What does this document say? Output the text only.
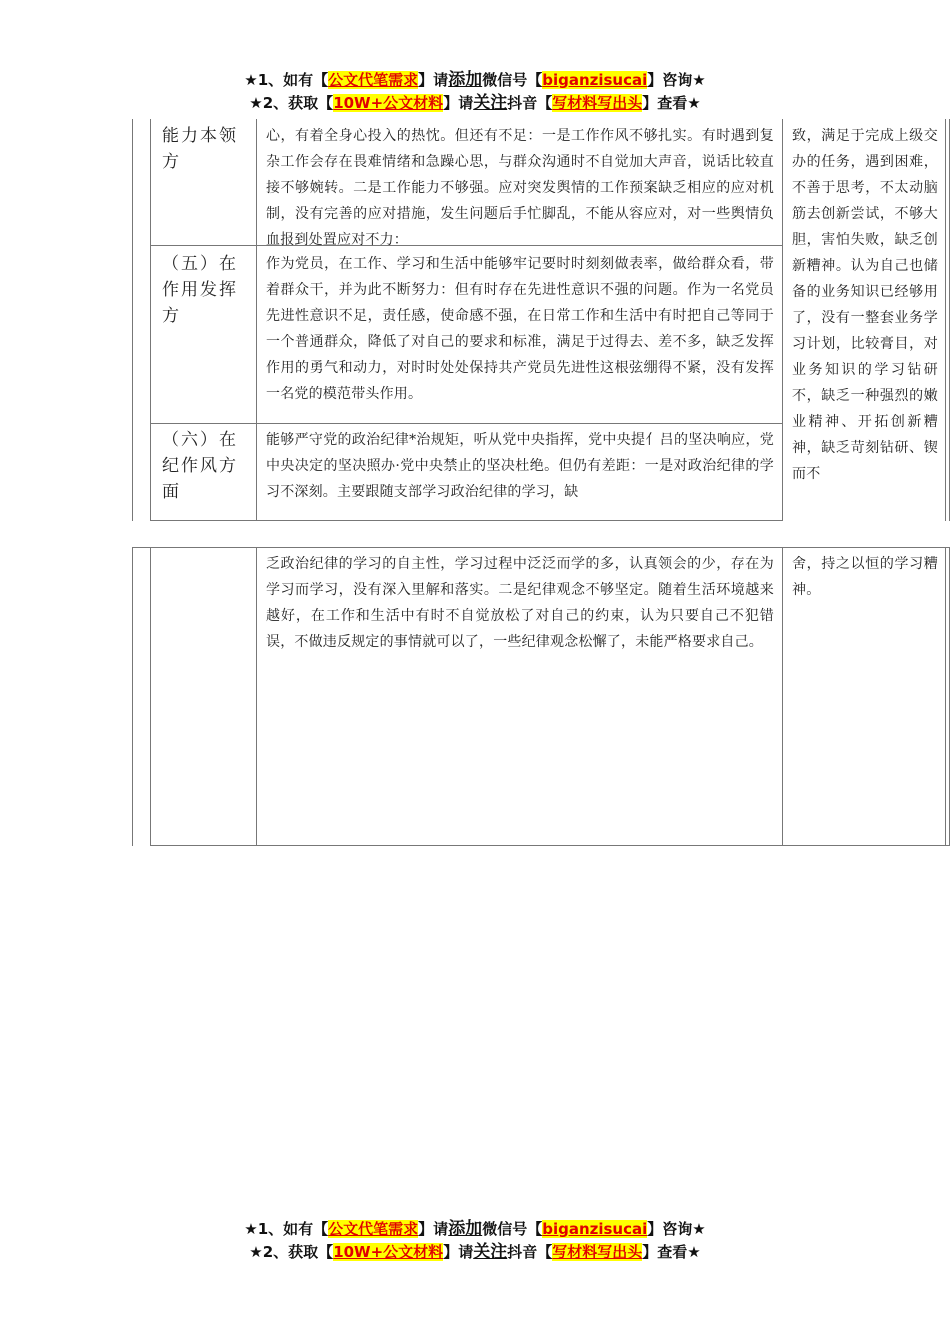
★1、如有【公文代笔需求】请添加微信号【biganzisucai】咨询★
★2、获取【10W+公文材料】请关注抖音【写材料写出头】查看★
能力本领方
心，有着全身心投入的热忱。但还有不足：一是工作作风不够扎实。有时遇到复杂工作会存在畏难情绪和急躁心思，与群众沟通时不自觉加大声音，说话比较直接不够婉转。二是工作能力不够强。应对突发舆情的工作预案缺乏相应的应对机制，没有完善的应对措施，发生问题后手忙脚乱，不能从容应对，对一些舆情负血报到处置应对不力：
（五）在作用发挥方
作为党员，在工作、学习和生活中能够牢记要时时刻刻做表率，做给群众看，带着群众干，并为此不断努力：但有时存在先进性意识不强的问题。作为一名党员先进性意识不足，责任感，使命感不强，在日常工作和生活中有时把自己等同于一个普通群众，降低了对自己的要求和标准，满足于过得去、差不多，缺乏发挥作用的勇气和动力，对时时处处保持共产党员先进性这根弦绷得不紧，没有发挥一名党的模范带头作用。
（六）在纪作风方面
能够严守党的政治纪律*治规矩，听从党中央指挥，党中央提亻吕的坚决响应，党中央决定的坚决照办·党中央禁止的坚决杜绝。但仍有差距：一是对政治纪律的学习不深刻。主要跟随支部学习政治纪律的学习，缺
致，满足于完成上级交办的任务，遇到困难，不善于思考，不太动脑筋去创新尝试，不够大胆，害怕失败，缺乏创新糟神。认为自己也储备的业务知识已经够用了，没有一整套业务学习计划，比较膏目，对业务知识的学习钻研不，缺乏一种强烈的嫩业精神、开拓创新糟神，缺乏苛刻钻研、锲而不
乏政治纪律的学习的自主性，学习过程中泛泛而学的多，认真领会的少，存在为学习而学习，没有深入里解和落实。二是纪律观念不够坚定。随着生活环境越来越好，在工作和生活中有时不自觉放松了对自己的约束，认为只要自己不犯错误，不做违反规定的事情就可以了，一些纪律观念松懈了，未能严格要求自己。
舍，持之以恒的学习糟神。
★1、如有【公文代笔需求】请添加微信号【biganzisucai】咨询★
★2、获取【10W+公文材料】请关注抖音【写材料写出头】查看★
